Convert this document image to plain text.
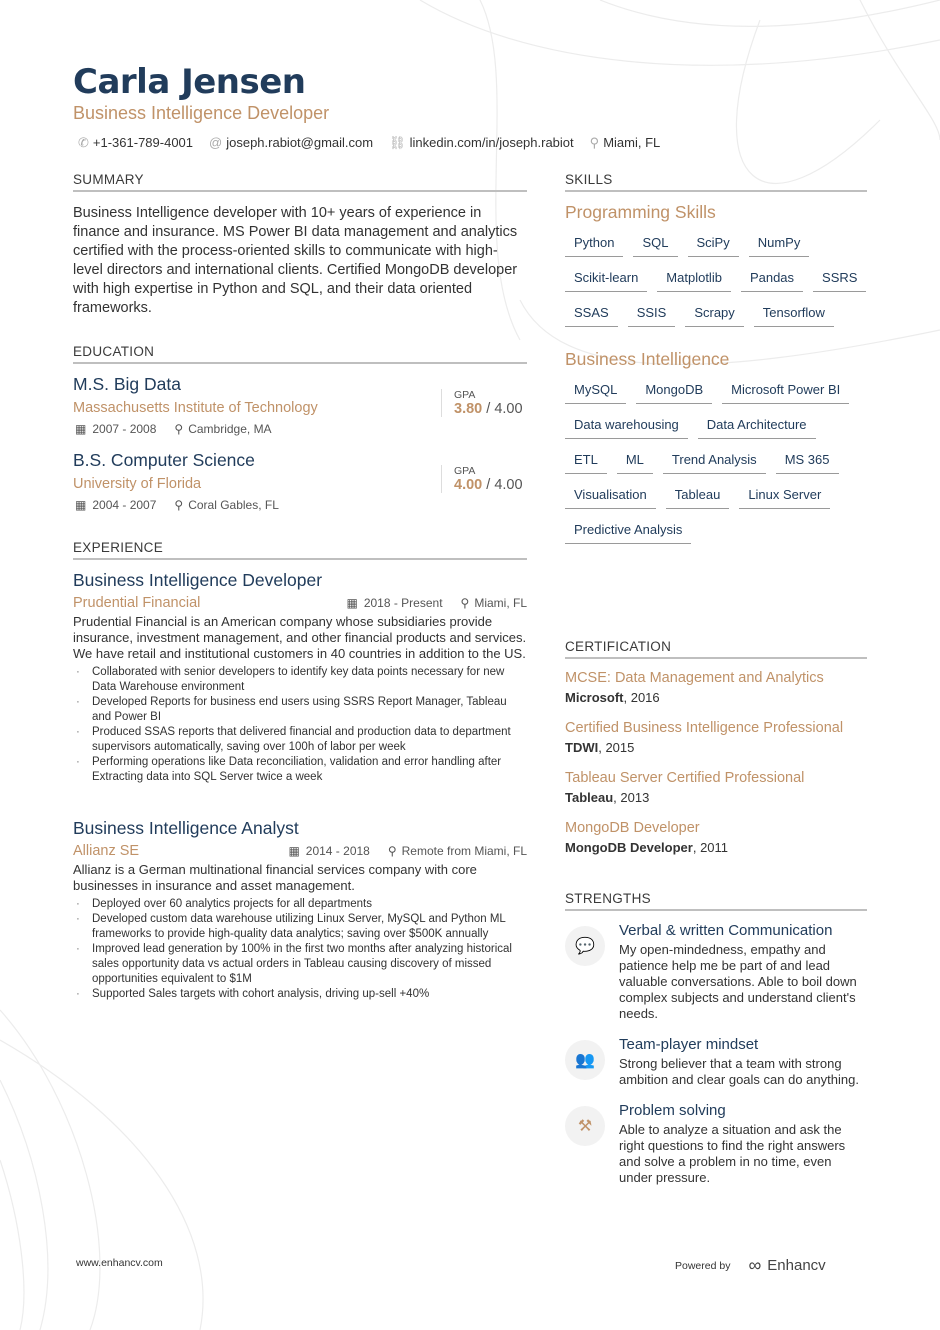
Carla Jensen
Business Intelligence Developer
✆ +1-361-789-4001 @ joseph.rabiot@gmail.com ⛓ linkedin.com/in/joseph.rabiot ⚲ Miami, FL
SUMMARY
Business Intelligence developer with 10+ years of experience in finance and insurance. MS Power BI data management and analytics certified with the process-oriented skills to communicate with high-level directors and international clients. Certified MongoDB developer with high expertise in Python and SQL, and their data oriented frameworks.
EDUCATION
EXPERIENCE
SKILLS
Programming Skills
Python	SQL	SciPy	NumPy
Scikit-learn	Matplotlib	Pandas	SSRS
SSAS	SSIS	Scrapy	Tensorflow
Business Intelligence
MySQL	MongoDB	Microsoft Power BI
Data warehousing	Data Architecture
ETL	ML	Trend Analysis	MS 365
Visualisation	Tableau	Linux Server
Predictive Analysis
CERTIFICATION
MCSE: Data Management and Analytics
Microsoft, 2016
Certified Business Intelligence Professional
TDWI, 2015
Tableau Server Certified Professional
Tableau, 2013
MongoDB Developer
MongoDB Developer, 2011
STRENGTHS
💬
Verbal & written Communication
My open-mindedness, empathy and patience help me be part of and lead valuable conversations. Able to boil down complex subjects and understand client's needs.
👥
Team-player mindset
Strong believer that a team with strong ambition and clear goals can do anything.
⚒
Problem solving
Able to analyze a situation and ask the right questions to find the right answers and solve a problem in no time, even under pressure.
www.enhancv.com	Powered by ∞ Enhancv
M.S. Big Data
Massachusetts Institute of Technology
▦ 2007 - 2008 ⚲ Cambridge, MA
GPA
3.80 / 4.00
B.S. Computer Science
University of Florida
▦ 2004 - 2007 ⚲ Coral Gables, FL
GPA
4.00 / 4.00
Business Intelligence Developer
Prudential Financial	▦ 2018 - Present ⚲ Miami, FL
Prudential Financial is an American company whose subsidiaries provide insurance, investment management, and other financial products and services. We have retail and institutional customers in 40 countries in addition to the US.
· Collaborated with senior developers to identify key data points necessary for new Data Warehouse environment
· Developed Reports for business end users using SSRS Report Manager, Tableau and Power BI
· Produced SSAS reports that delivered financial and production data to department supervisors automatically, saving over 100h of labor per week
· Performing operations like Data reconciliation, validation and error handling after Extracting data into SQL Server twice a week
Business Intelligence Analyst
Allianz SE	▦ 2014 - 2018 ⚲ Remote from Miami, FL
Allianz is a German multinational financial services company with core businesses in insurance and asset management.
· Deployed over 60 analytics projects for all departments
· Developed custom data warehouse utilizing Linux Server, MySQL and Python ML frameworks to provide high-quality data analytics; saving over $500K annually
· Improved lead generation by 100% in the first two months after analyzing historical sales opportunity data vs actual orders in Tableau causing discovery of missed opportunities equivalent to $1M
· Supported Sales targets with cohort analysis, driving up-sell +40%
